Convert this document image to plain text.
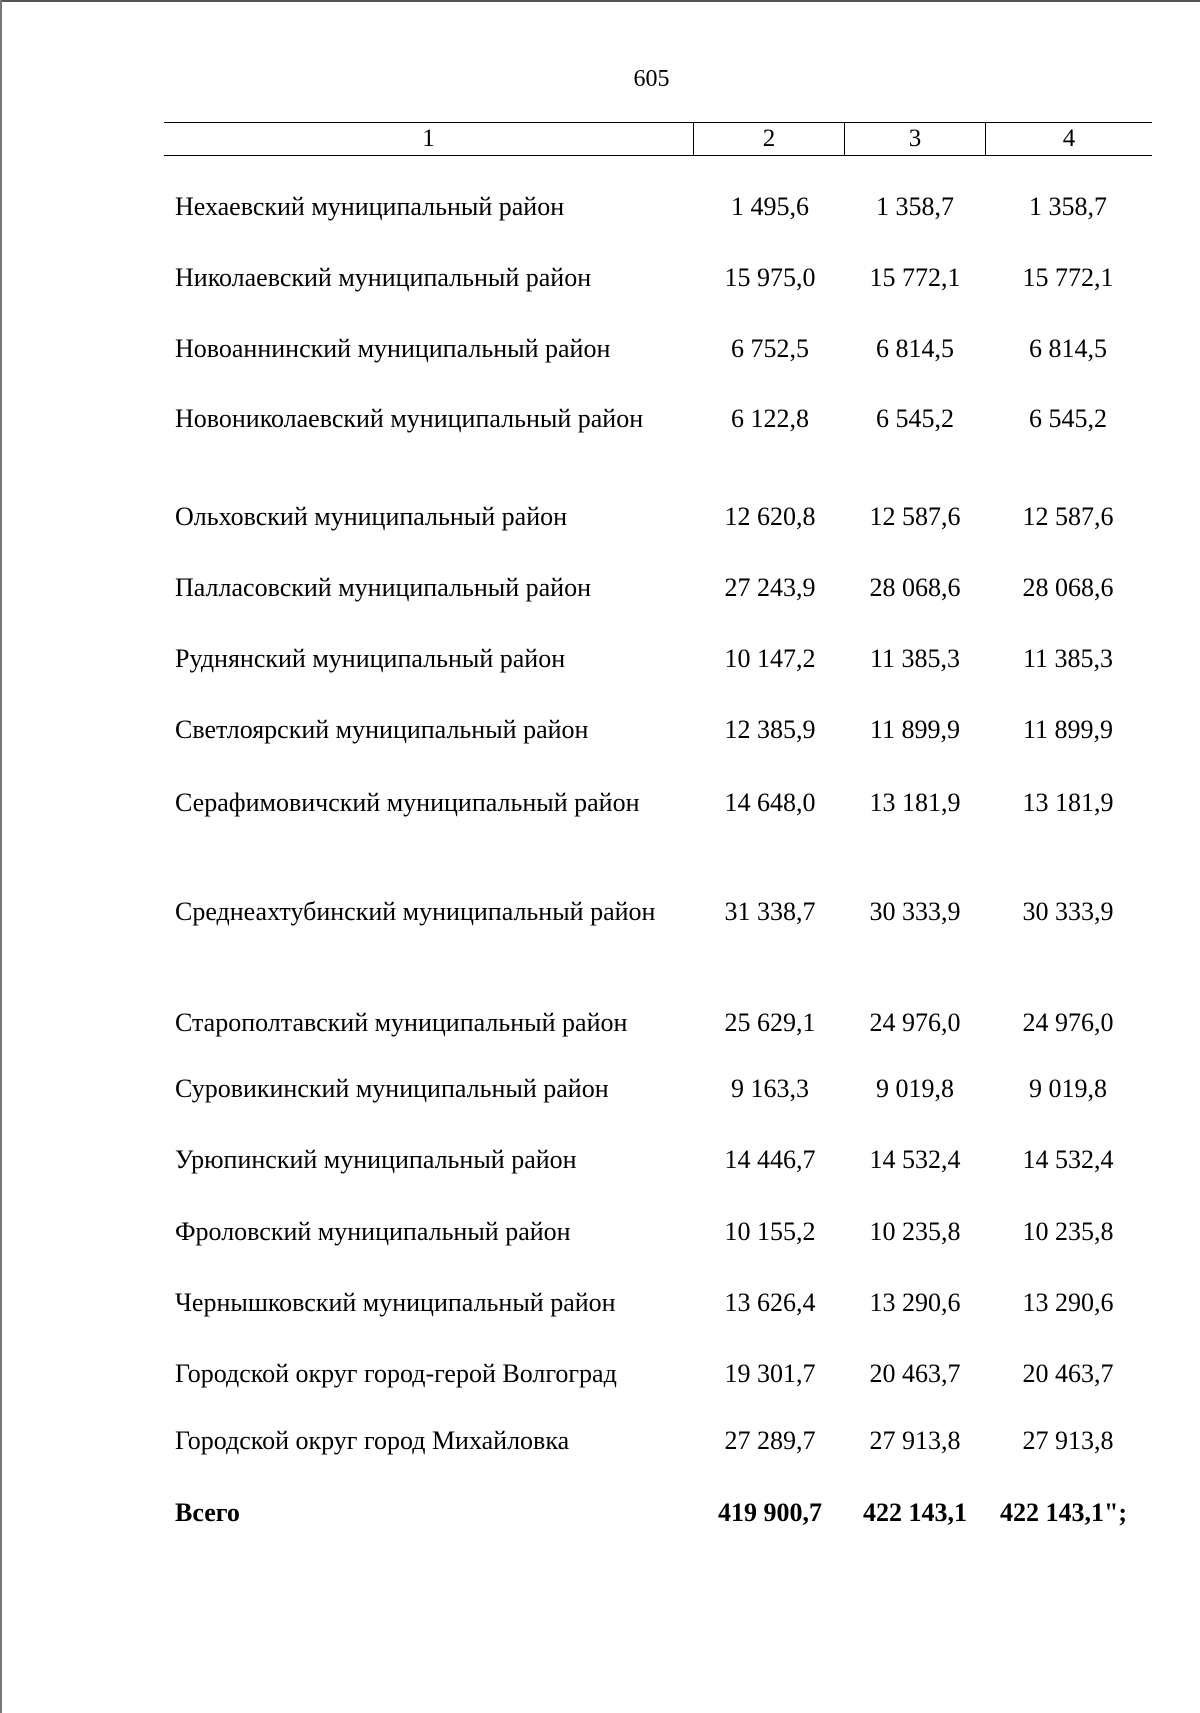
605
1	2	3	4
Нехаевский муниципальный район	1 495,6	1 358,7	1 358,7
Николаевский муниципальный район	15 975,0	15 772,1	15 772,1
Новоаннинский муниципальный район	6 752,5	6 814,5	6 814,5
Новониколаевский муниципальный район	6 122,8	6 545,2	6 545,2
Ольховский муниципальный район	12 620,8	12 587,6	12 587,6
Палласовский муниципальный район	27 243,9	28 068,6	28 068,6
Руднянский муниципальный район	10 147,2	11 385,3	11 385,3
Светлоярский муниципальный район	12 385,9	11 899,9	11 899,9
Серафимовичский муниципальный район	14 648,0	13 181,9	13 181,9
Среднеахтубинский муниципальный район	31 338,7	30 333,9	30 333,9
Старополтавский муниципальный район	25 629,1	24 976,0	24 976,0
Суровикинский муниципальный район	9 163,3	9 019,8	9 019,8
Урюпинский муниципальный район	14 446,7	14 532,4	14 532,4
Фроловский муниципальный район	10 155,2	10 235,8	10 235,8
Чернышковский муниципальный район	13 626,4	13 290,6	13 290,6
Городской округ город-герой Волгоград	19 301,7	20 463,7	20 463,7
Городской округ город Михайловка	27 289,7	27 913,8	27 913,8
Всего	419 900,7	422 143,1	422 143,1";
